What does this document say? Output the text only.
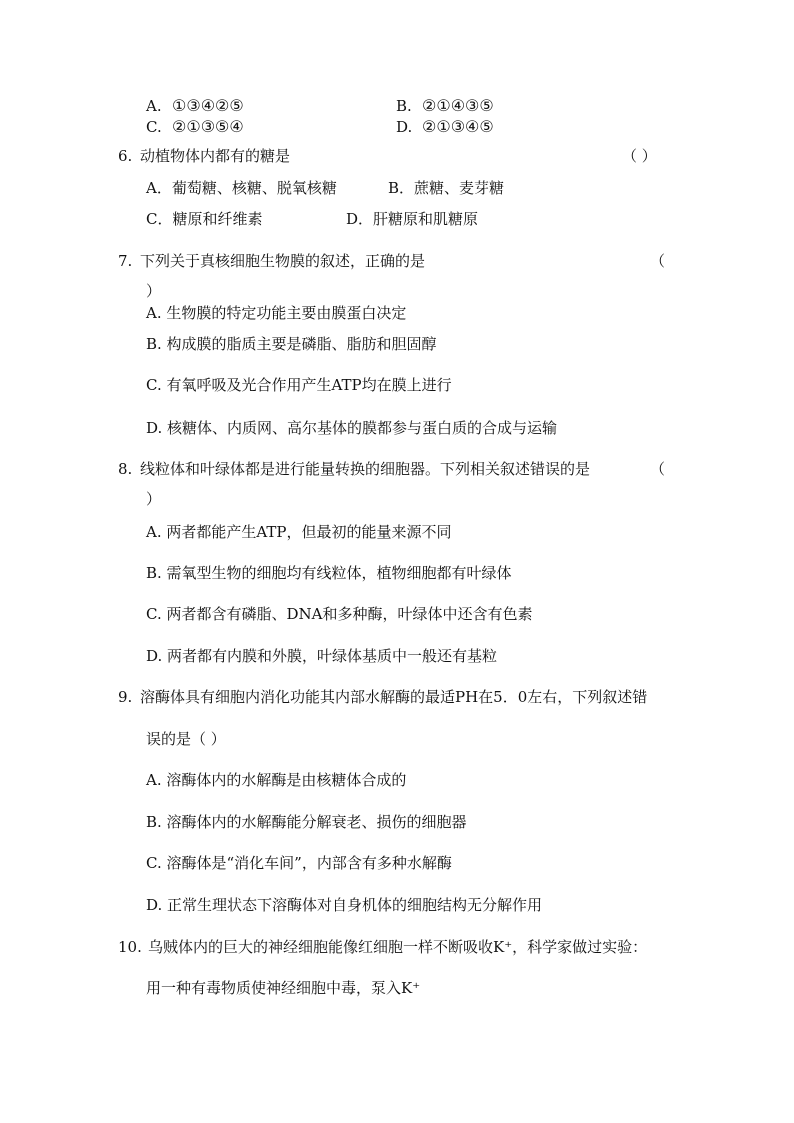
A. ①③④②⑤	B. ②①④③⑤
C. ②①③⑤④	D. ②①③④⑤
6. 动植物体内都有的糖是	（ ）
A．葡萄糖、核糖、脱氧核糖	B．蔗糖、麦芽糖
C．糖原和纤维素	D．肝糖原和肌糖原
7. 下列关于真核细胞生物膜的叙述，正确的是	（
）
A. 生物膜的特定功能主要由膜蛋白决定
B. 构成膜的脂质主要是磷脂、脂肪和胆固醇
C. 有氧呼吸及光合作用产生ATP均在膜上进行
D. 核糖体、内质网、高尔基体的膜都参与蛋白质的合成与运输
8. 线粒体和叶绿体都是进行能量转换的细胞器。下列相关叙述错误的是	（
）
A. 两者都能产生ATP，但最初的能量来源不同
B. 需氧型生物的细胞均有线粒体，植物细胞都有叶绿体
C. 两者都含有磷脂、DNA和多种酶，叶绿体中还含有色素
D. 两者都有内膜和外膜，叶绿体基质中一般还有基粒
9. 溶酶体具有细胞内消化功能其内部水解酶的最适PH在5．0左右，下列叙述错
误的是（ ）
A. 溶酶体内的水解酶是由核糖体合成的
B. 溶酶体内的水解酶能分解衰老、损伤的细胞器
C. 溶酶体是“消化车间”，内部含有多种水解酶
D. 正常生理状态下溶酶体对自身机体的细胞结构无分解作用
10. 乌贼体内的巨大的神经细胞能像红细胞一样不断吸收K⁺，科学家做过实验：
用一种有毒物质使神经细胞中毒，泵入K⁺
